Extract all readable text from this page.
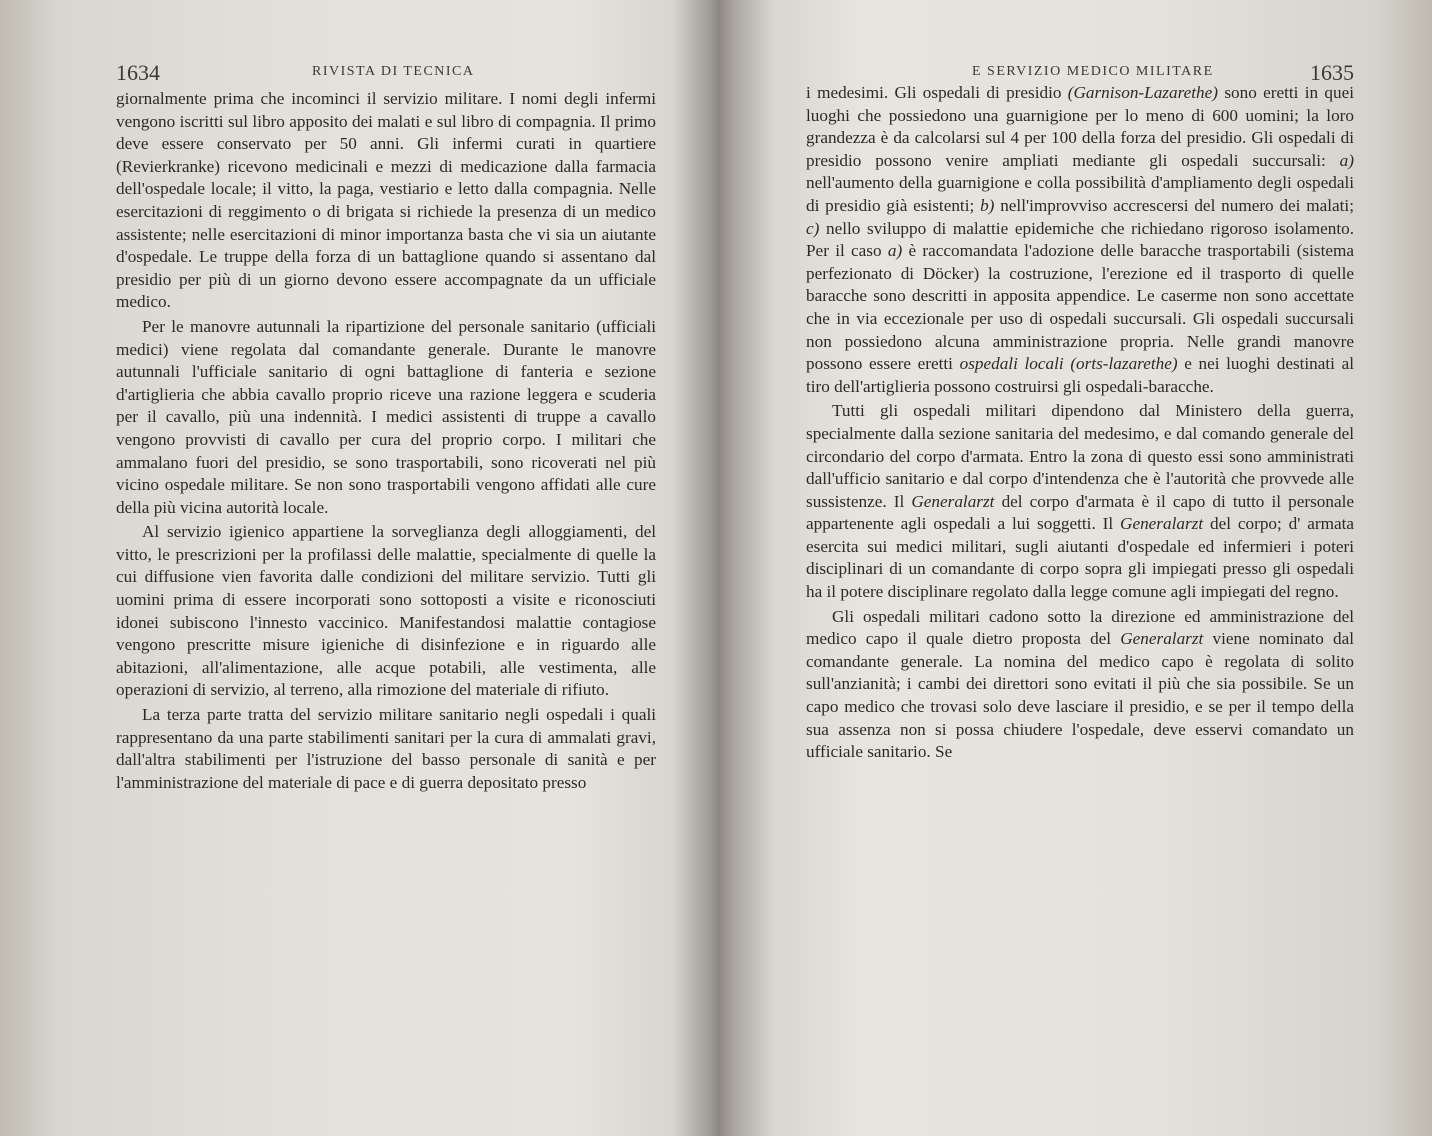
1634	RIVISTA DI TECNICA

giornalmente prima che incominci il servizio militare. I nomi degli infermi vengono iscritti sul libro apposito dei malati e sul libro di compagnia. Il primo deve essere conservato per 50 anni. Gli infermi curati in quartiere (Revierkranke) ricevono medicinali e mezzi di medicazione dalla farmacia dell'ospedale locale; il vitto, la paga, vestiario e letto dalla compagnia. Nelle esercitazioni di reggimento o di brigata si richiede la presenza di un medico assistente; nelle esercitazioni di minor importanza basta che vi sia un aiutante d'ospedale. Le truppe della forza di un battaglione quando si assentano dal presidio per più di un giorno devono essere accompagnate da un ufficiale medico.

Per le manovre autunnali la ripartizione del personale sanitario (ufficiali medici) viene regolata dal comandante generale. Durante le manovre autunnali l'ufficiale sanitario di ogni battaglione di fanteria e sezione d'artiglieria che abbia cavallo proprio riceve una razione leggera e scuderia per il cavallo, più una indennità. I medici assistenti di truppe a cavallo vengono provvisti di cavallo per cura del proprio corpo. I militari che ammalano fuori del presidio, se sono trasportabili, sono ricoverati nel più vicino ospedale militare. Se non sono trasportabili vengono affidati alle cure della più vicina autorità locale.

Al servizio igienico appartiene la sorveglianza degli alloggiamenti, del vitto, le prescrizioni per la profilassi delle malattie, specialmente di quelle la cui diffusione vien favorita dalle condizioni del militare servizio. Tutti gli uomini prima di essere incorporati sono sottoposti a visite e riconosciuti idonei subiscono l'innesto vaccinico. Manifestandosi malattie contagiose vengono prescritte misure igieniche di disinfezione e in riguardo alle abitazioni, all'alimentazione, alle acque potabili, alle vestimenta, alle operazioni di servizio, al terreno, alla rimozione del materiale di rifiuto.

La terza parte tratta del servizio militare sanitario negli ospedali i quali rappresentano da una parte stabilimenti sanitari per la cura di ammalati gravi, dall'altra stabilimenti per l'istruzione del basso personale di sanità e per l'amministrazione del materiale di pace e di guerra depositato presso

E SERVIZIO MEDICO MILITARE	1635

i medesimi. Gli ospedali di presidio (Garnison-Lazarethe) sono eretti in quei luoghi che possiedono una guarnigione per lo meno di 600 uomini; la loro grandezza è da calcolarsi sul 4 per 100 della forza del presidio. Gli ospedali di presidio possono venire ampliati mediante gli ospedali succursali: a) nell'aumento della guarnigione e colla possibilità d'ampliamento degli ospedali di presidio già esistenti; b) nell'improvviso accrescersi del numero dei malati; c) nello sviluppo di malattie epidemiche che richiedano rigoroso isolamento. Per il caso a) è raccomandata l'adozione delle baracche trasportabili (sistema perfezionato di Döcker) la costruzione, l'erezione ed il trasporto di quelle baracche sono descritti in apposita appendice. Le caserme non sono accettate che in via eccezionale per uso di ospedali succursali. Gli ospedali succursali non possiedono alcuna amministrazione propria. Nelle grandi manovre possono essere eretti ospedali locali (orts-lazarethe) e nei luoghi destinati al tiro dell'artiglieria possono costruirsi gli ospedali-baracche.

Tutti gli ospedali militari dipendono dal Ministero della guerra, specialmente dalla sezione sanitaria del medesimo, e dal comando generale del circondario del corpo d'armata. Entro la zona di questo essi sono amministrati dall'ufficio sanitario e dal corpo d'intendenza che è l'autorità che provvede alle sussistenze. Il Generalarzt del corpo d'armata è il capo di tutto il personale appartenente agli ospedali a lui soggetti. Il Generalarzt del corpo; d' armata esercita sui medici militari, sugli aiutanti d'ospedale ed infermieri i poteri disciplinari di un comandante di corpo sopra gli impiegati presso gli ospedali ha il potere disciplinare regolato dalla legge comune agli impiegati del regno.

Gli ospedali militari cadono sotto la direzione ed amministrazione del medico capo il quale dietro proposta del Generalarzt viene nominato dal comandante generale. La nomina del medico capo è regolata di solito sull'anzianità; i cambi dei direttori sono evitati il più che sia possibile. Se un capo medico che trovasi solo deve lasciare il presidio, e se per il tempo della sua assenza non si possa chiudere l'ospedale, deve esservi comandato un ufficiale sanitario. Se
